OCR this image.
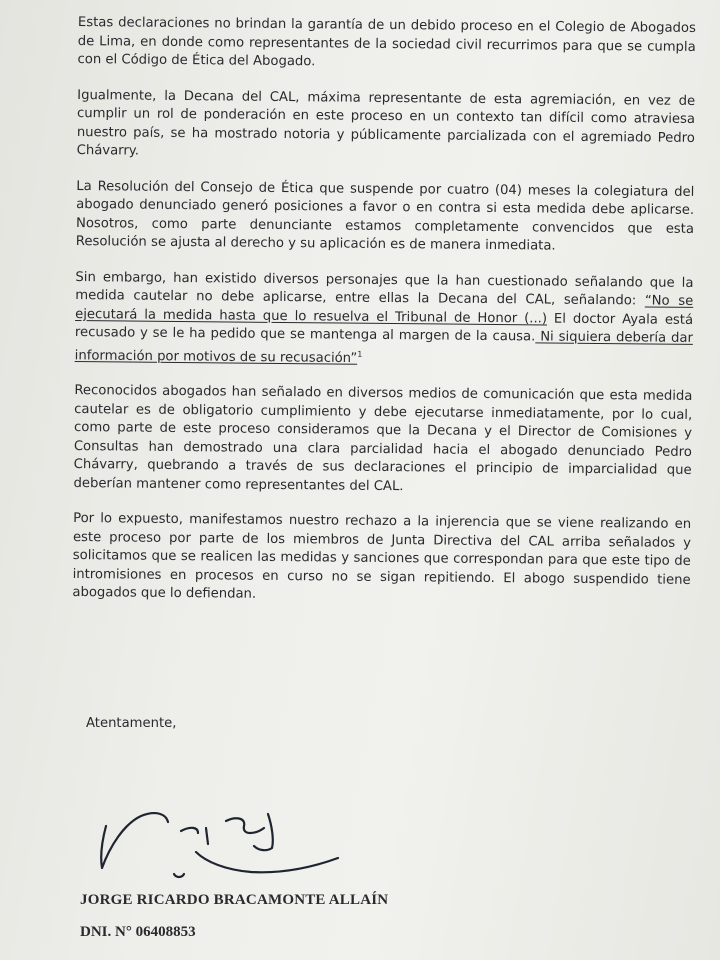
Estas declaraciones no brindan la garantía de un debido proceso en el Colegio de Abogados de Lima, en donde como representantes de la sociedad civil recurrimos para que se cumpla con el Código de Ética del Abogado.

Igualmente, la Decana del CAL, máxima representante de esta agremiación, en vez de cumplir un rol de ponderación en este proceso en un contexto tan difícil como atraviesa nuestro país, se ha mostrado notoria y públicamente parcializada con el agremiado Pedro Chávarry.

La Resolución del Consejo de Ética que suspende por cuatro (04) meses la colegiatura del abogado denunciado generó posiciones a favor o en contra si esta medida debe aplicarse. Nosotros, como parte denunciante estamos completamente convencidos que esta Resolución se ajusta al derecho y su aplicación es de manera inmediata.

Sin embargo, han existido diversos personajes que la han cuestionado señalando que la medida cautelar no debe aplicarse, entre ellas la Decana del CAL, señalando: “No se ejecutará la medida hasta que lo resuelva el Tribunal de Honor (...) El doctor Ayala está recusado y se le ha pedido que se mantenga al margen de la causa. Ni siquiera debería dar información por motivos de su recusación”$^1$

Reconocidos abogados han señalado en diversos medios de comunicación que esta medida cautelar es de obligatorio cumplimiento y debe ejecutarse inmediatamente, por lo cual, como parte de este proceso consideramos que la Decana y el Director de Comisiones y Consultas han demostrado una clara parcialidad hacia el abogado denunciado Pedro Chávarry, quebrando a través de sus declaraciones el principio de imparcialidad que deberían mantener como representantes del CAL.

Por lo expuesto, manifestamos nuestro rechazo a la injerencia que se viene realizando en este proceso por parte de los miembros de Junta Directiva del CAL arriba señalados y solicitamos que se realicen las medidas y sanciones que correspondan para que este tipo de intromisiones en procesos en curso no se sigan repitiendo. El abogo suspendido tiene abogados que lo defiendan.

Atentamente,
JORGE RICARDO BRACAMONTE ALLAÍN
DNI. N° 06408853
